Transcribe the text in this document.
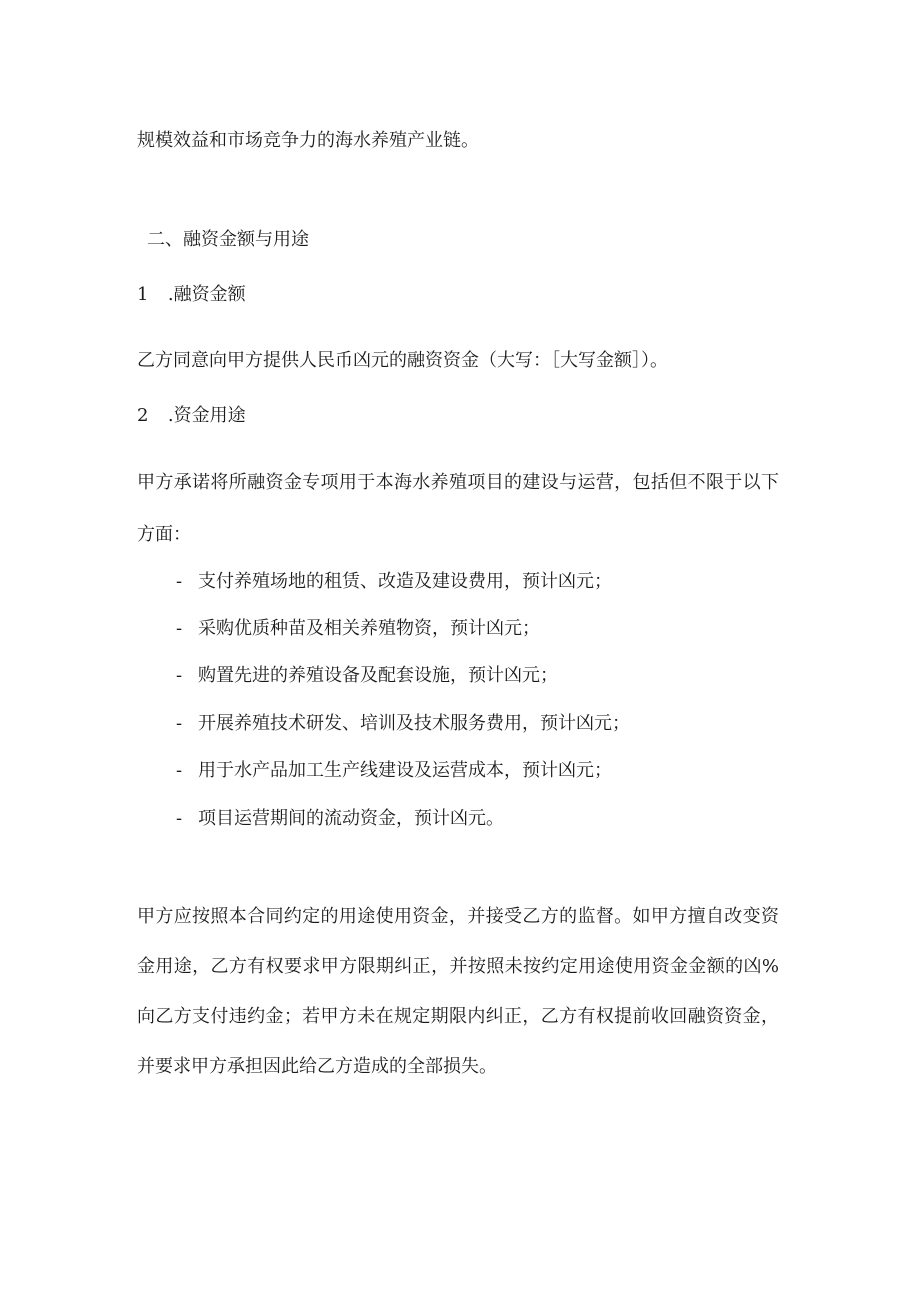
规模效益和市场竞争力的海水养殖产业链。

二、融资金额与用途

1 .融资金额

乙方同意向甲方提供人民币凶元的融资资金（大写：［大写金额］）。

2 .资金用途

甲方承诺将所融资金专项用于本海水养殖项目的建设与运营，包括但不限于以下

方面：

- 支付养殖场地的租赁、改造及建设费用，预计凶元；
- 采购优质种苗及相关养殖物资，预计凶元；
- 购置先进的养殖设备及配套设施，预计凶元；
- 开展养殖技术研发、培训及技术服务费用，预计凶元；
- 用于水产品加工生产线建设及运营成本，预计凶元；
- 项目运营期间的流动资金，预计凶元。

甲方应按照本合同约定的用途使用资金，并接受乙方的监督。如甲方擅自改变资

金用途，乙方有权要求甲方限期纠正，并按照未按约定用途使用资金金额的凶%

向乙方支付违约金；若甲方未在规定期限内纠正，乙方有权提前收回融资资金，

并要求甲方承担因此给乙方造成的全部损失。
